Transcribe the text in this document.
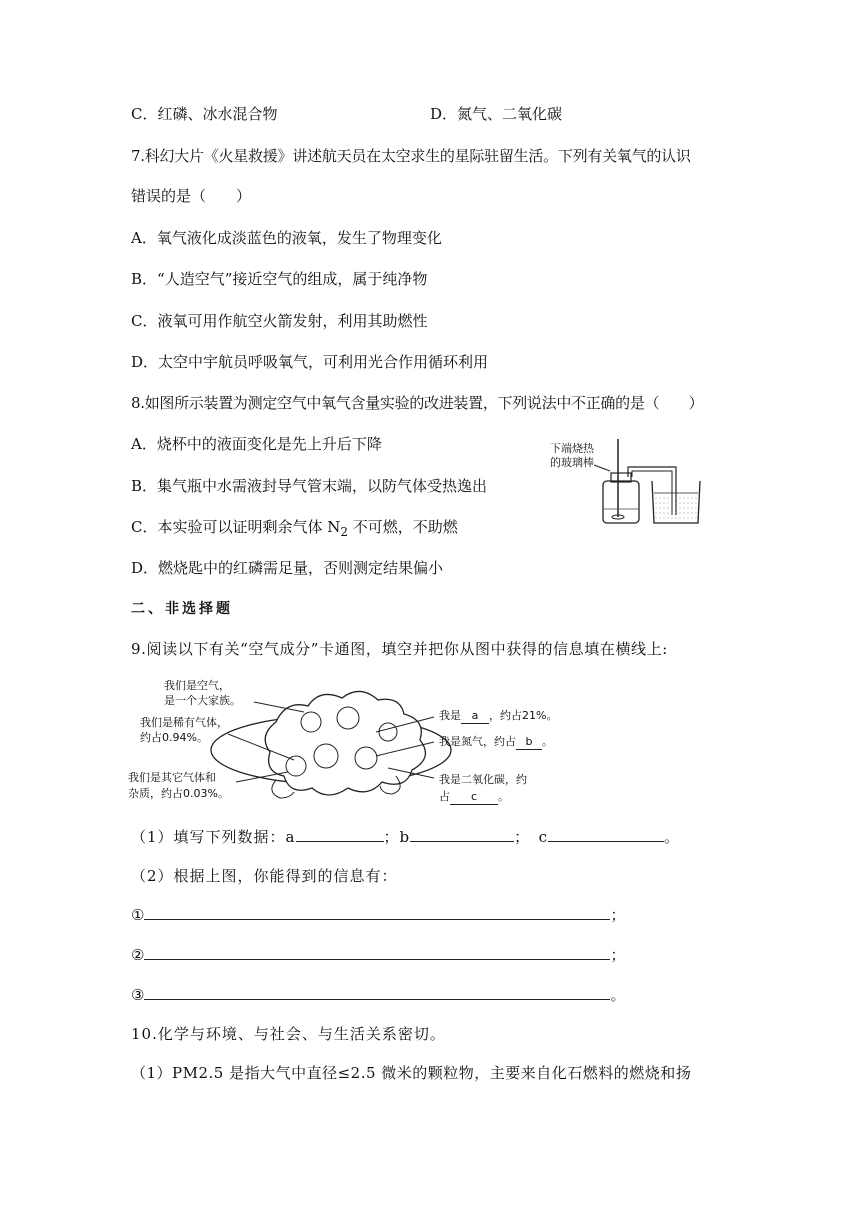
C．红磷、冰水混合物	D．氮气、二氧化碳
7.科幻大片《火星救援》讲述航天员在太空求生的星际驻留生活。下列有关氧气的认识
错误的是（　　）
A．氧气液化成淡蓝色的液氧，发生了物理变化
B．“人造空气”接近空气的组成，属于纯净物
C．液氧可用作航空火箭发射，利用其助燃性
D．太空中宇航员呼吸氧气，可利用光合作用循环利用
8.如图所示装置为测定空气中氧气含量实验的改进装置，下列说法中不正确的是（　　）
A．烧杯中的液面变化是先上升后下降
B．集气瓶中水需液封导气管末端，以防气体受热逸出
C．本实验可以证明剩余气体 $N_2$ 不可燃，不助燃
D．燃烧匙中的红磷需足量，否则测定结果偏小
下端烧热
的玻璃棒
二、非选择题
9.阅读以下有关“空气成分”卡通图，填空并把你从图中获得的信息填在横线上:
我们是空气，
是一个大家族。
我们是稀有气体，
约占0.94%。
我们是其它气体和
杂质，约占0.03%。
我是 a ，约占21%。
我是氮气，约占 b 。
我是二氧化碳，约
占 c 。
（1）填写下列数据：a	；b	；　c	。
（2）根据上图，你能得到的信息有：
①	；
②	；
③	。
10.化学与环境、与社会、与生活关系密切。
（1）PM2.5 是指大气中直径≤2.5 微米的颗粒物，主要来自化石燃料的燃烧和扬
